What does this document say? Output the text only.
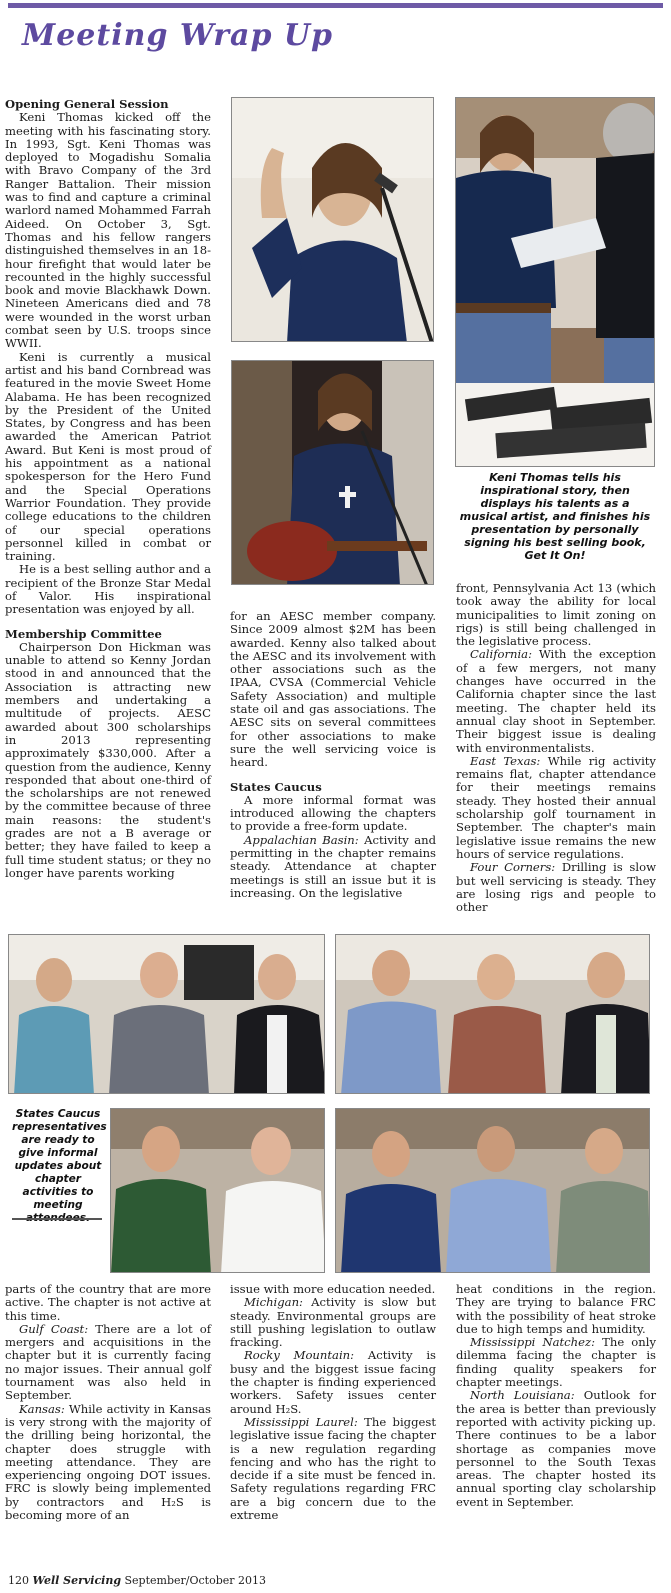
Meeting Wrap Up
Opening General Session

Keni Thomas kicked off the meeting with his fascinating story. In 1993, Sgt. Keni Thomas was deployed to Mogadishu Somalia with Bravo Company of the 3rd Ranger Battalion. Their mission was to find and capture a criminal warlord named Mohammed Farrah Aideed. On October 3, Sgt. Thomas and his fellow rangers distinguished themselves in an 18-hour firefight that would later be recounted in the highly successful book and movie Blackhawk Down. Nineteen Americans died and 78 were wounded in the worst urban combat seen by U.S. troops since WWII.

Keni is currently a musical artist and his band Cornbread was featured in the movie Sweet Home Alabama. He has been recognized by the President of the United States, by Congress and has been awarded the American Patriot Award. But Keni is most proud of his appointment as a national spokesperson for the Hero Fund and the Special Operations Warrior Foundation. They provide college educations to the children of our special operations personnel killed in combat or training.

He is a best selling author and a recipient of the Bronze Star Medal of Valor. His inspirational presentation was enjoyed by all.

Membership Committee

Chairperson Don Hickman was unable to attend so Kenny Jordan stood in and announced that the Association is attracting new members and undertaking a multitude of projects. AESC awarded about 300 scholarships in 2013 representing approximately $330,000. After a question from the audience, Kenny responded that about one-third of the scholarships are not renewed by the committee because of three main reasons: the student's grades are not a B average or better; they have failed to keep a full time student status; or they no longer have parents working

Keni Thomas tells his inspirational story, then displays his talents as a musical artist, and finishes his presentation by personally signing his best selling book, Get It On!

for an AESC member company. Since 2009 almost $2M has been awarded. Kenny also talked about the AESC and its involvement with other associations such as the IPAA, CVSA (Commercial Vehicle Safety Association) and multiple state oil and gas associations. The AESC sits on several committees for other associations to make sure the well servicing voice is heard.

States Caucus

A more informal format was introduced allowing the chapters to provide a free-form update.

Appalachian Basin: Activity and permitting in the chapter remains steady. Attendance at chapter meetings is still an issue but it is increasing. On the legislative

front, Pennsylvania Act 13 (which took away the ability for local municipalities to limit zoning on rigs) is still being challenged in the legislative process.

California: With the exception of a few mergers, not many changes have occurred in the California chapter since the last meeting. The chapter held its annual clay shoot in September. Their biggest issue is dealing with environmentalists.

East Texas: While rig activity remains flat, chapter attendance for their meetings remains steady. They hosted their annual scholarship golf tournament in September. The chapter's main legislative issue remains the new hours of service regulations.

Four Corners: Drilling is slow but well servicing is steady. They are losing rigs and people to other

States Caucus representatives are ready to give informal updates about chapter activities to meeting

parts of the country that are more active. The chapter is not active at this time.

Gulf Coast: There are a lot of mergers and acquisitions in the chapter but it is currently facing no major issues. Their annual golf tournament was also held in September.

Kansas: While activity in Kansas is very strong with the majority of the drilling being horizontal, the chapter does struggle with meeting attendance. They are experiencing ongoing DOT issues. FRC is slowly being implemented by contractors and H₂S is becoming more of an

issue with more education needed.

Michigan: Activity is slow but steady. Environmental groups are still pushing legislation to outlaw fracking.

Rocky Mountain: Activity is busy and the biggest issue facing the chapter is finding experienced workers. Safety issues center around H₂S.

Mississippi Laurel: The biggest legislative issue facing the chapter is a new regulation regarding fencing and who has the right to decide if a site must be fenced in. Safety regulations regarding FRC are a big concern due to the extreme

heat conditions in the region. They are trying to balance FRC with the possibility of heat stroke due to high temps and humidity.

Mississippi Natchez: The only dilemma facing the chapter is finding quality speakers for chapter meetings.

North Louisiana: Outlook for the area is better than previously reported with activity picking up. There continues to be a labor shortage as companies move personnel to the South Texas areas. The chapter hosted its annual sporting clay scholarship event in September.

120 Well Servicing September/October 2013
